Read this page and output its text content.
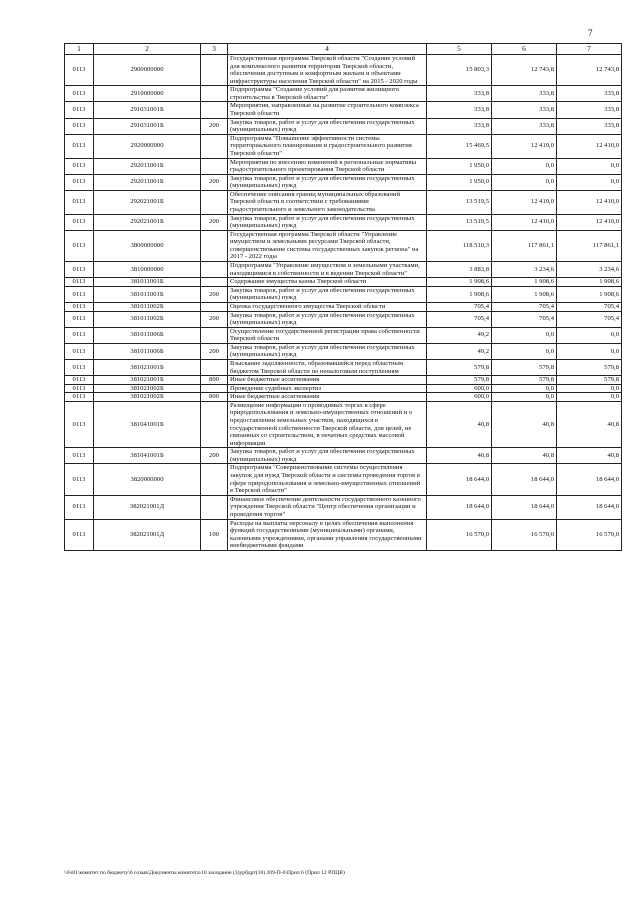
7
1	2	3	4	5	6	7
0113	2900000000		Государственная программа Тверской области "Создание условий для комплексного развития территории Тверской области, обеспечения доступным и комфортным жильем и объектами инфраструктуры населения Тверской области" на 2015 - 2020 годы	15 803,3	12 743,8	12 743,8
0113	2910000000		Подпрограмма "Создание условий для развития жилищного строительства в Тверской области"	333,8	333,8	333,8
0113	291031001Б		Мероприятия, направленные на развитие строительного комплекса Тверской области	333,8	333,8	333,8
0113	291031001Б	200	Закупка товаров, работ и услуг для обеспечения государственных (муниципальных) нужд	333,8	333,8	333,8
0113	2920000000		Подпрограмма "Повышение эффективности системы территориального планирования и градостроительного развития Тверской области"	15 469,5	12 410,0	12 410,0
0113	292011001Б		Мероприятия по внесению изменений в региональные нормативы градостроительного проектирования Тверской области	1 950,0	0,0	0,0
0113	292011001Б	200	Закупка товаров, работ и услуг для обеспечения государственных (муниципальных) нужд	1 950,0	0,0	0,0
0113	292021001Б		Обеспечение описания границ муниципальных образований Тверской области в соответствии с требованиями градостроительного и земельного законодательства	13 519,5	12 410,0	12 410,0
0113	292021001Б	200	Закупка товаров, работ и услуг для обеспечения государственных (муниципальных) нужд	13 519,5	12 410,0	12 410,0
0113	3800000000		Государственная программа Тверской области "Управление имуществом и земельными ресурсами Тверской области, совершенствование системы государственных закупок региона" на 2017 - 2022 годы	118 510,3	117 861,1	117 861,1
0113	3810000000		Подпрограмма "Управление имуществом и земельными участками, находящимися в собственности и в ведении Тверской области"	3 883,8	3 234,6	3 234,6
0113	381011001Б		Содержание имущества казны Тверской области	1 908,6	1 908,6	1 908,6
0113	381011001Б	200	Закупка товаров, работ и услуг для обеспечения государственных (муниципальных) нужд	1 908,6	1 908,6	1 908,6
0113	381011002Б		Оценка государственного имущества Тверской области	705,4	705,4	705,4
0113	381011002Б	200	Закупка товаров, работ и услуг для обеспечения государственных (муниципальных) нужд	705,4	705,4	705,4
0113	381011006Б		Осуществление государственной регистрации права собственности Тверской области	49,2	0,0	0,0
0113	381011006Б	200	Закупка товаров, работ и услуг для обеспечения государственных (муниципальных) нужд	49,2	0,0	0,0
0113	381021001Б		Взыскание задолженности, образовавшейся перед областным бюджетом Тверской области по неналоговым поступлениям	579,8	579,8	579,8
0113	381021001Б	800	Иные бюджетные ассигнования	579,8	579,8	579,8
0113	381021002Б		Проведение судебных экспертиз	600,0	0,0	0,0
0113	381021002Б	800	Иные бюджетные ассигнования	600,0	0,0	0,0
0113	381041001Б		Размещение информации о проводимых торгах в сфере природопользования и земельно-имущественных отношений и о предоставлении земельных участков, находящихся в государственной собственности Тверской области, для целей, не связанных со строительством, в печатных средствах массовой информации	40,8	40,8	40,8
0113	381041001Б	200	Закупка товаров, работ и услуг для обеспечения государственных (муниципальных) нужд	40,8	40,8	40,8
0113	3820000000		Подпрограмма "Совершенствование системы осуществления закупок для нужд Тверской области и системы проведения торгов в сфере природопользования и земельно-имущественных отношений в Тверской области"	18 644,0	18 644,0	18 644,0
0113	382021001Д		Финансовое обеспечение деятельности государственного казенного учреждения Тверской области "Центр обеспечения организации и проведения торгов"	18 644,0	18 644,0	18 644,0
0113	382021001Д	100	Расходы на выплаты персоналу в целях обеспечения выполнения функций государственными (муниципальными) органами, казенными учреждениями, органами управления государственными внебюджетными фондами	16 570,0	16 570,0	16 570,0
\\Fs01\комитет по бюджету\6 созыв\Документы комитета\10 заседание (3)урбдрт(10) 209-П-6\Прил 6 (Прил 12 РПЦВ)
